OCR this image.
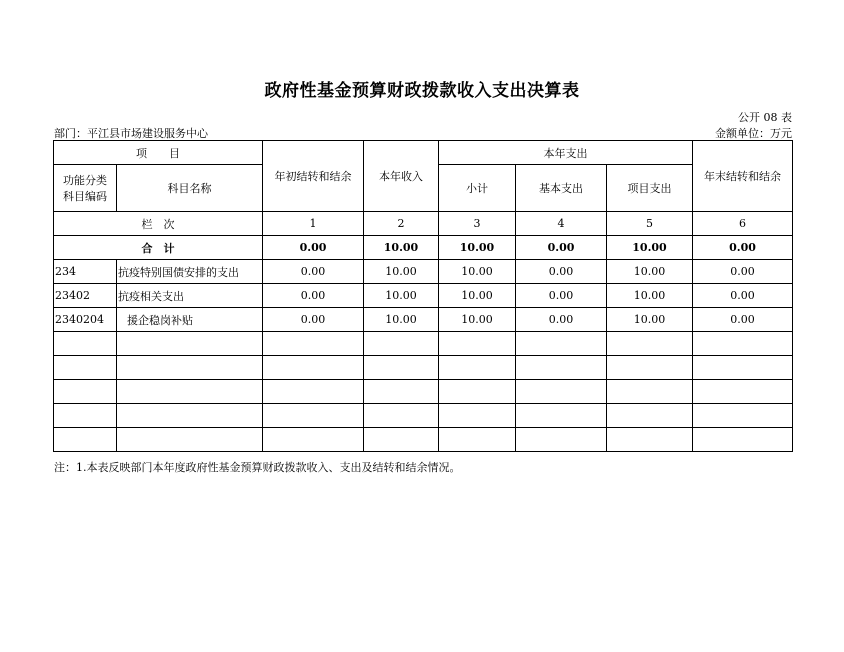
政府性基金预算财政拨款收入支出决算表
公开 08 表
部门：平江县市场建设服务中心	金额单位：万元
项　　目		年初结转和结余	本年收入	本年支出			年末结转和结余

功能分类
科目编码	科目名称			小计	基本支出	项目支出	
栏　次		1	2	3	4	5	6
合　计		0.00	10.00	10.00	0.00	10.00	0.00
234	抗疫特别国债安排的支出	0.00	10.00	10.00	0.00	10.00	0.00
23402	抗疫相关支出	0.00	10.00	10.00	0.00	10.00	0.00
2340204	援企稳岗补贴	0.00	10.00	10.00	0.00	10.00	0.00

注：1.本表反映部门本年度政府性基金预算财政拨款收入、支出及结转和结余情况。
